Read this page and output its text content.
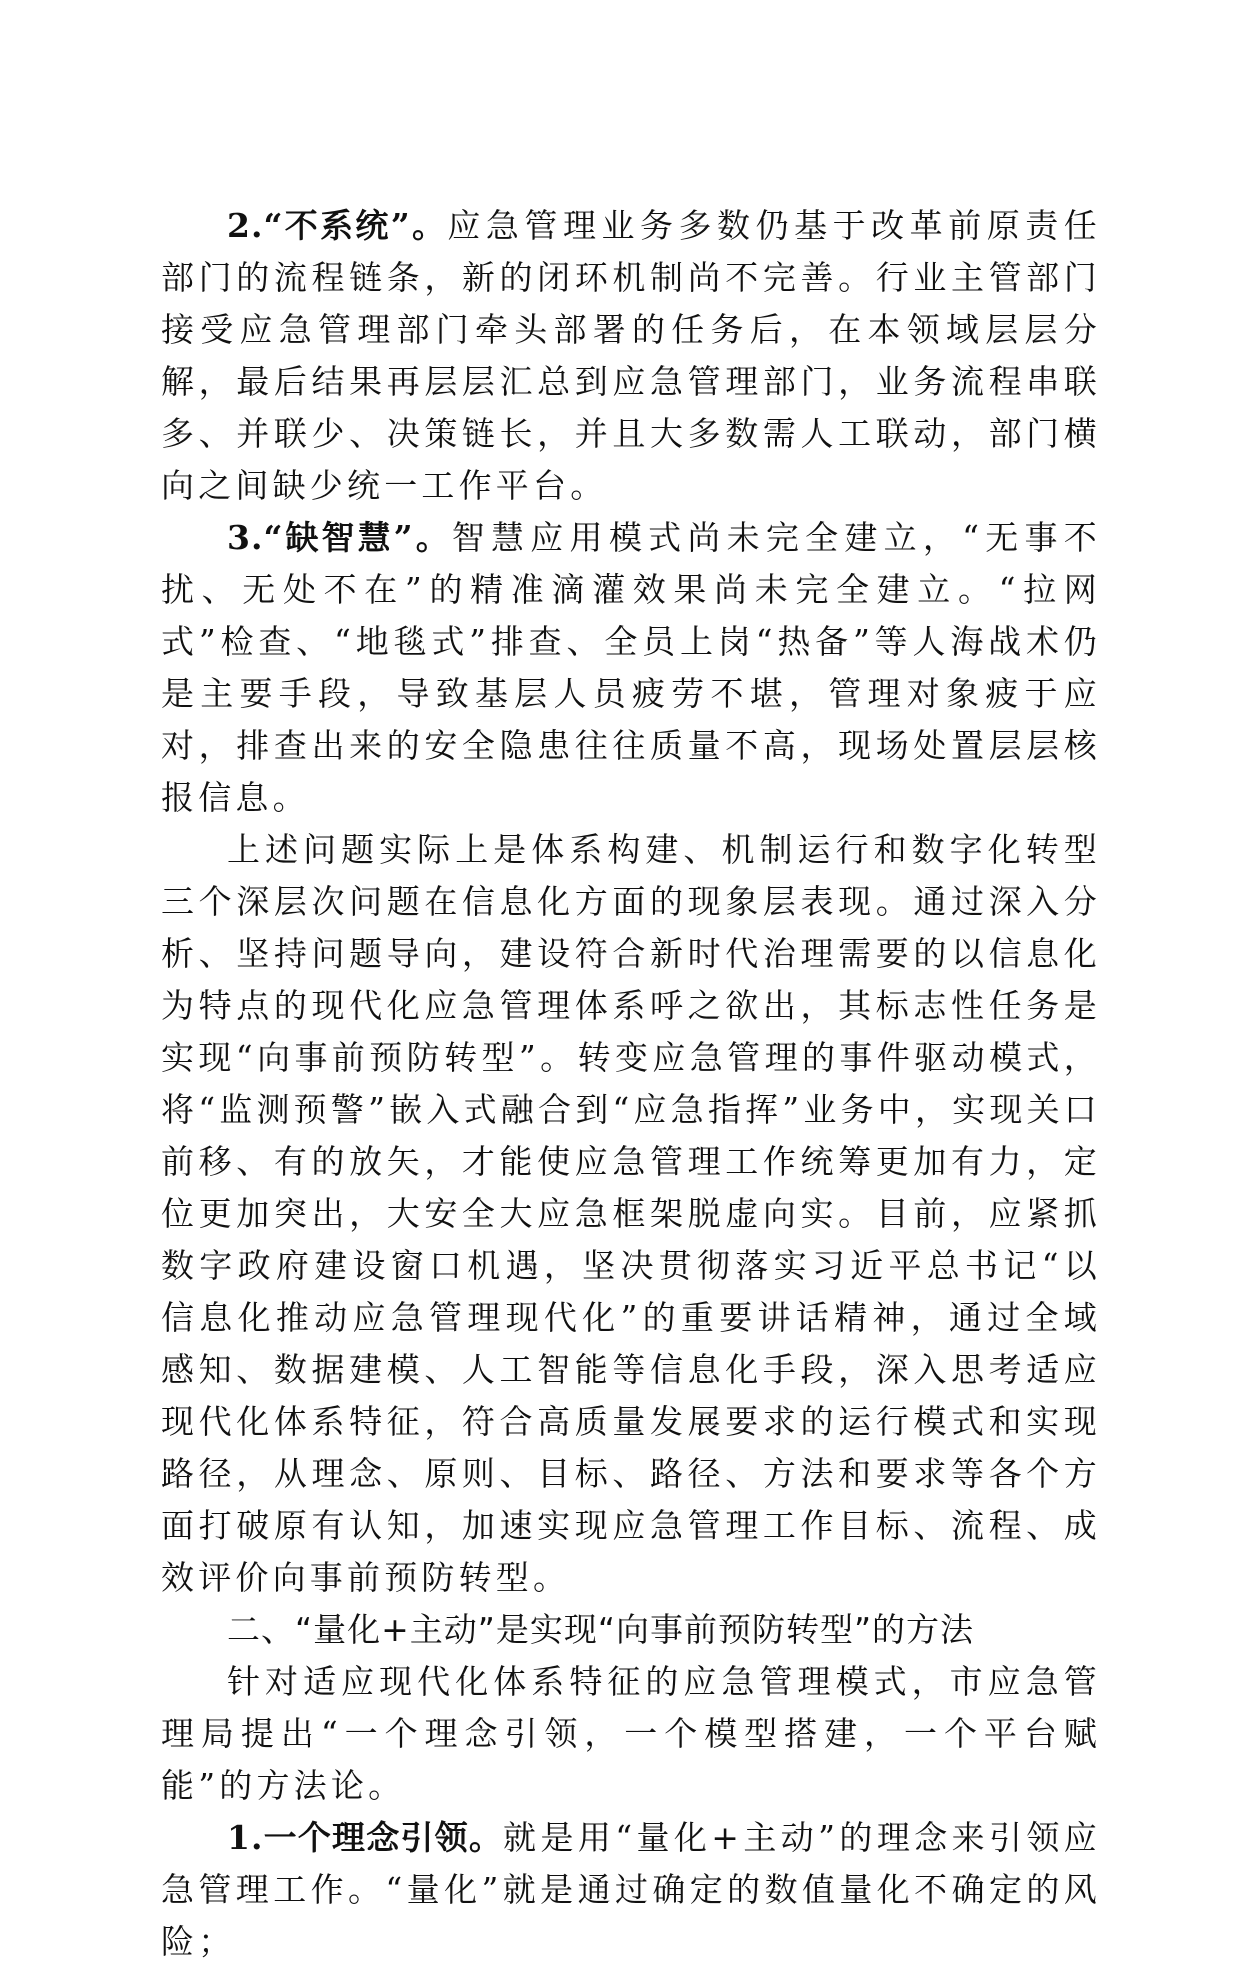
2.“不系统”。应急管理业务多数仍基于改革前原责任部门的流程链条，新的闭环机制尚不完善。行业主管部门接受应急管理部门牵头部署的任务后，在本领域层层分解，最后结果再层层汇总到应急管理部门，业务流程串联多、并联少、决策链长，并且大多数需人工联动，部门横向之间缺少统一工作平台。

3.“缺智慧”。智慧应用模式尚未完全建立，“无事不扰、无处不在”的精准滴灌效果尚未完全建立。“拉网式”检查、“地毯式”排查、全员上岗“热备”等人海战术仍是主要手段，导致基层人员疲劳不堪，管理对象疲于应对，排查出来的安全隐患往往质量不高，现场处置层层核报信息。

上述问题实际上是体系构建、机制运行和数字化转型三个深层次问题在信息化方面的现象层表现。通过深入分析、坚持问题导向，建设符合新时代治理需要的以信息化为特点的现代化应急管理体系呼之欲出，其标志性任务是实现“向事前预防转型”。转变应急管理的事件驱动模式，将“监测预警”嵌入式融合到“应急指挥”业务中，实现关口前移、有的放矢，才能使应急管理工作统筹更加有力，定位更加突出，大安全大应急框架脱虚向实。目前，应紧抓数字政府建设窗口机遇，坚决贯彻落实习近平总书记“以信息化推动应急管理现代化”的重要讲话精神，通过全域感知、数据建模、人工智能等信息化手段，深入思考适应现代化体系特征，符合高质量发展要求的运行模式和实现路径，从理念、原则、目标、路径、方法和要求等各个方面打破原有认知，加速实现应急管理工作目标、流程、成效评价向事前预防转型。

二、“量化+主动”是实现“向事前预防转型”的方法

针对适应现代化体系特征的应急管理模式，市应急管理局提出“一个理念引领，一个模型搭建，一个平台赋能”的方法论。

1.一个理念引领。就是用“量化+主动”的理念来引领应急管理工作。“量化”就是通过确定的数值量化不确定的风险；
